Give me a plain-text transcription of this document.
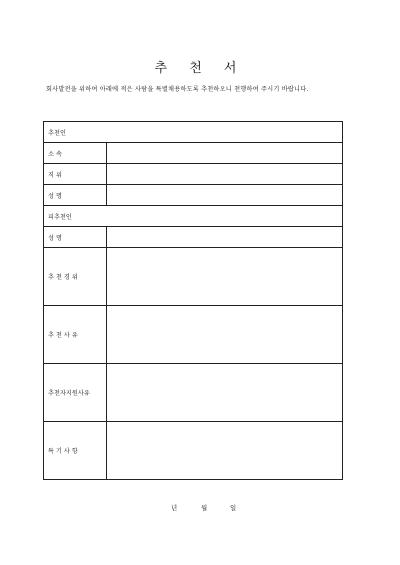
추 천 서
회사발전을 위하여 아래에 적은 사람을 특별채용하도록 추천하오니 천행하여 주시기 바랍니다.
추천인	

소 속	

직 위	

성 명	

피추천인	

성 명	

추 천 경 위	
추 천 사 유	
추천자지원사유	
특 기 사 항	
년	월	일
